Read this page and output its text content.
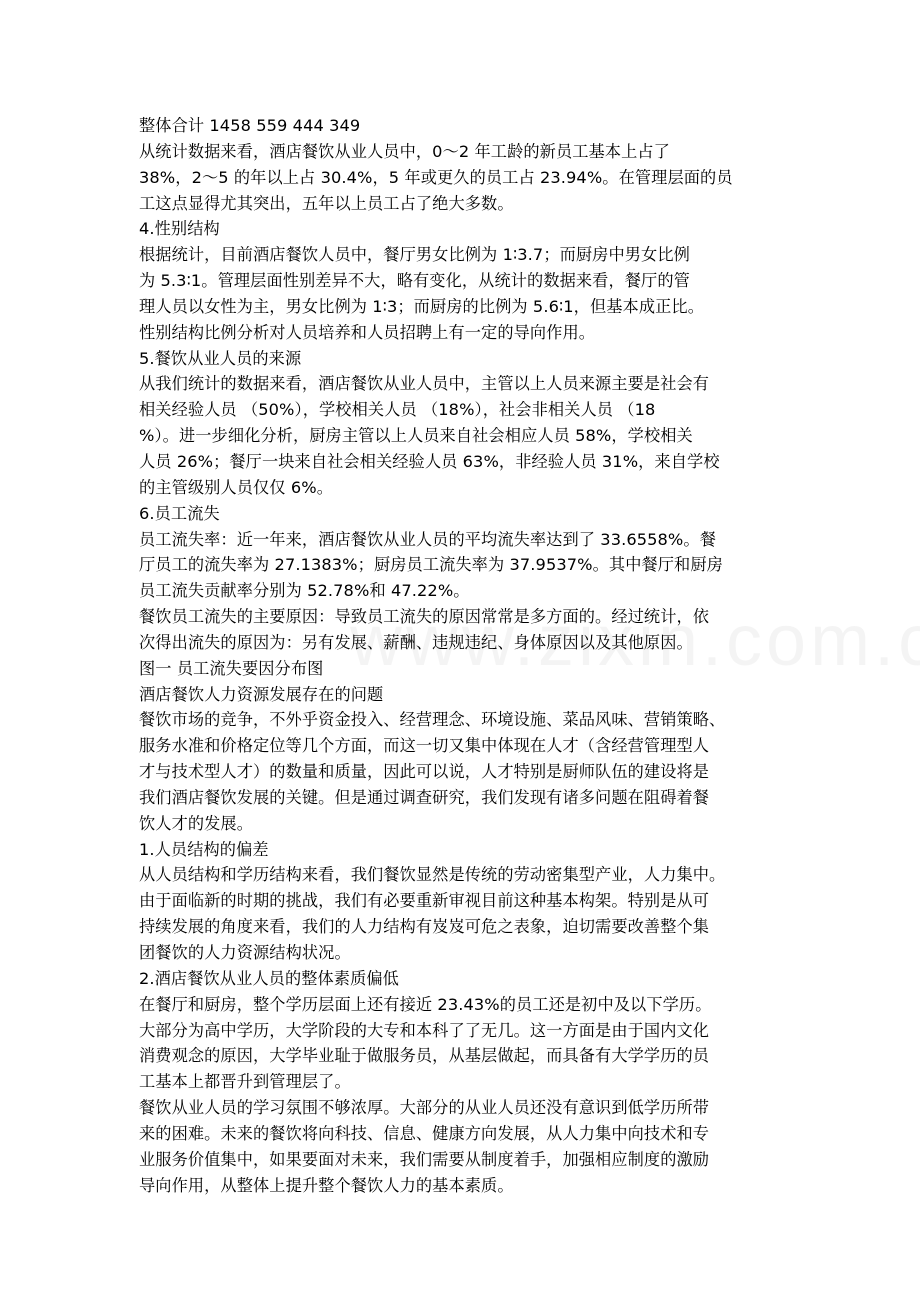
整体合计 1458 559 444 349
从统计数据来看，酒店餐饮从业人员中，0～2 年工龄的新员工基本上占了
38%，2～5 的年以上占 30.4%，5 年或更久的员工占 23.94%。在管理层面的员
工这点显得尤其突出，五年以上员工占了绝大多数。
4.性别结构
根据统计，目前酒店餐饮人员中，餐厅男女比例为 1∶3.7；而厨房中男女比例
为 5.3∶1。管理层面性别差异不大，略有变化，从统计的数据来看，餐厅的管
理人员以女性为主，男女比例为 1∶3；而厨房的比例为 5.6∶1，但基本成正比。
性别结构比例分析对人员培养和人员招聘上有一定的导向作用。
5.餐饮从业人员的来源
从我们统计的数据来看，酒店餐饮从业人员中，主管以上人员来源主要是社会有
相关经验人员 （50%），学校相关人员 （18%），社会非相关人员 （18
%）。进一步细化分析，厨房主管以上人员来自社会相应人员 58%，学校相关
人员 26%；餐厅一块来自社会相关经验人员 63%，非经验人员 31%，来自学校
的主管级别人员仅仅 6%。
6.员工流失
员工流失率：近一年来，酒店餐饮从业人员的平均流失率达到了 33.6558%。餐
厅员工的流失率为 27.1383%；厨房员工流失率为 37.9537%。其中餐厅和厨房
员工流失贡献率分别为 52.78%和 47.22%。
餐饮员工流失的主要原因：导致员工流失的原因常常是多方面的。经过统计，依
次得出流失的原因为：另有发展、薪酬、违规违纪、身体原因以及其他原因。
图一 员工流失要因分布图
酒店餐饮人力资源发展存在的问题
餐饮市场的竞争，不外乎资金投入、经营理念、环境设施、菜品风味、营销策略、
服务水准和价格定位等几个方面，而这一切又集中体现在人才（含经营管理型人
才与技术型人才）的数量和质量，因此可以说，人才特别是厨师队伍的建设将是
我们酒店餐饮发展的关键。但是通过调查研究，我们发现有诸多问题在阻碍着餐
饮人才的发展。
1.人员结构的偏差
从人员结构和学历结构来看，我们餐饮显然是传统的劳动密集型产业，人力集中。
由于面临新的时期的挑战，我们有必要重新审视目前这种基本构架。特别是从可
持续发展的角度来看，我们的人力结构有岌岌可危之表象，迫切需要改善整个集
团餐饮的人力资源结构状况。
2.酒店餐饮从业人员的整体素质偏低
在餐厅和厨房，整个学历层面上还有接近 23.43%的员工还是初中及以下学历。
大部分为高中学历，大学阶段的大专和本科了了无几。这一方面是由于国内文化
消费观念的原因，大学毕业耻于做服务员，从基层做起，而具备有大学学历的员
工基本上都晋升到管理层了。
餐饮从业人员的学习氛围不够浓厚。大部分的从业人员还没有意识到低学历所带
来的困难。未来的餐饮将向科技、信息、健康方向发展，从人力集中向技术和专
业服务价值集中，如果要面对未来，我们需要从制度着手，加强相应制度的激励
导向作用，从整体上提升整个餐饮人力的基本素质。
